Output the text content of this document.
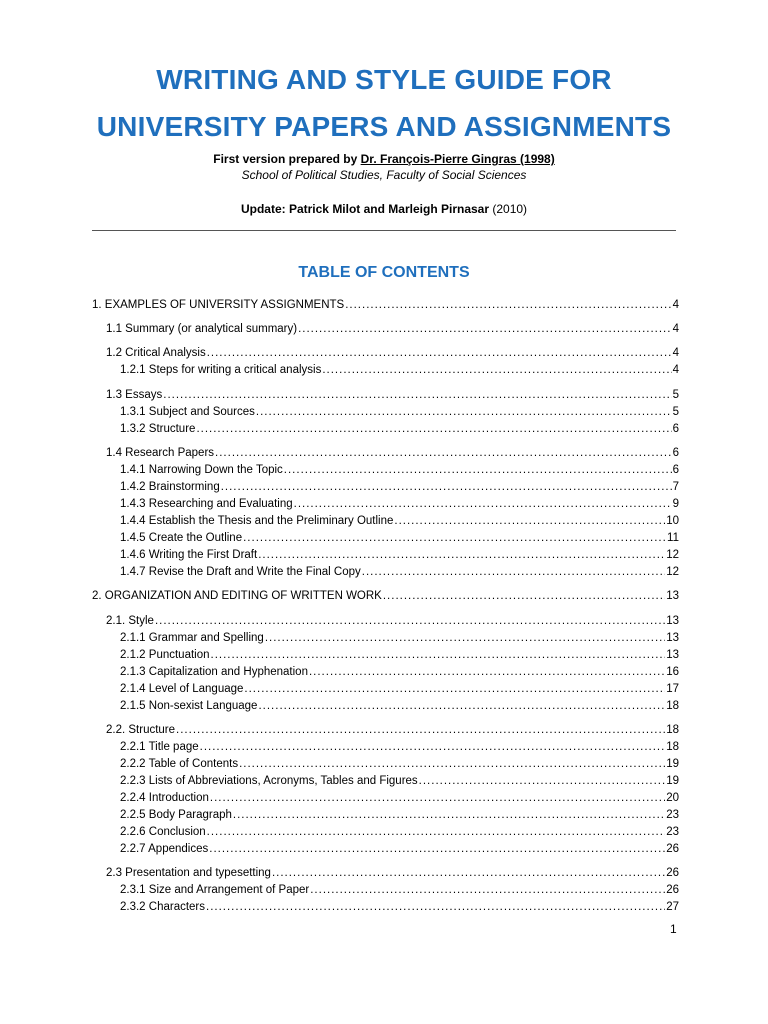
WRITING AND STYLE GUIDE FOR
UNIVERSITY PAPERS AND ASSIGNMENTS
First version prepared by Dr. François-Pierre Gingras (1998)
School of Political Studies, Faculty of Social Sciences
Update: Patrick Milot and Marleigh Pirnasar (2010)
TABLE OF CONTENTS
1. EXAMPLES OF UNIVERSITY ASSIGNMENTS .....	4
1.1 Summary (or analytical summary) .....	4
1.2 Critical Analysis .....	4
1.2.1 Steps for writing a critical analysis .....	4
1.3 Essays .....	5
1.3.1 Subject and Sources .....	5
1.3.2 Structure .....	6
1.4 Research Papers .....	6
1.4.1 Narrowing Down the Topic .....	6
1.4.2 Brainstorming .....	7
1.4.3 Researching and Evaluating .....	9
1.4.4 Establish the Thesis and the Preliminary Outline .....	10
1.4.5 Create the Outline .....	11
1.4.6 Writing the First Draft .....	12
1.4.7 Revise the Draft and Write the Final Copy .....	12
2. ORGANIZATION AND EDITING OF WRITTEN WORK .....	13
2.1. Style .....	13
2.1.1 Grammar and Spelling .....	13
2.1.2 Punctuation .....	13
2.1.3 Capitalization and Hyphenation .....	16
2.1.4 Level of Language .....	17
2.1.5 Non-sexist Language .....	18
2.2. Structure .....	18
2.2.1 Title page .....	18
2.2.2 Table of Contents .....	19
2.2.3 Lists of Abbreviations, Acronyms, Tables and Figures .....	19
2.2.4 Introduction .....	20
2.2.5 Body Paragraph .....	23
2.2.6 Conclusion .....	23
2.2.7 Appendices .....	26
2.3 Presentation and typesetting .....	26
2.3.1 Size and Arrangement of Paper .....	26
2.3.2 Characters .....	27
1
